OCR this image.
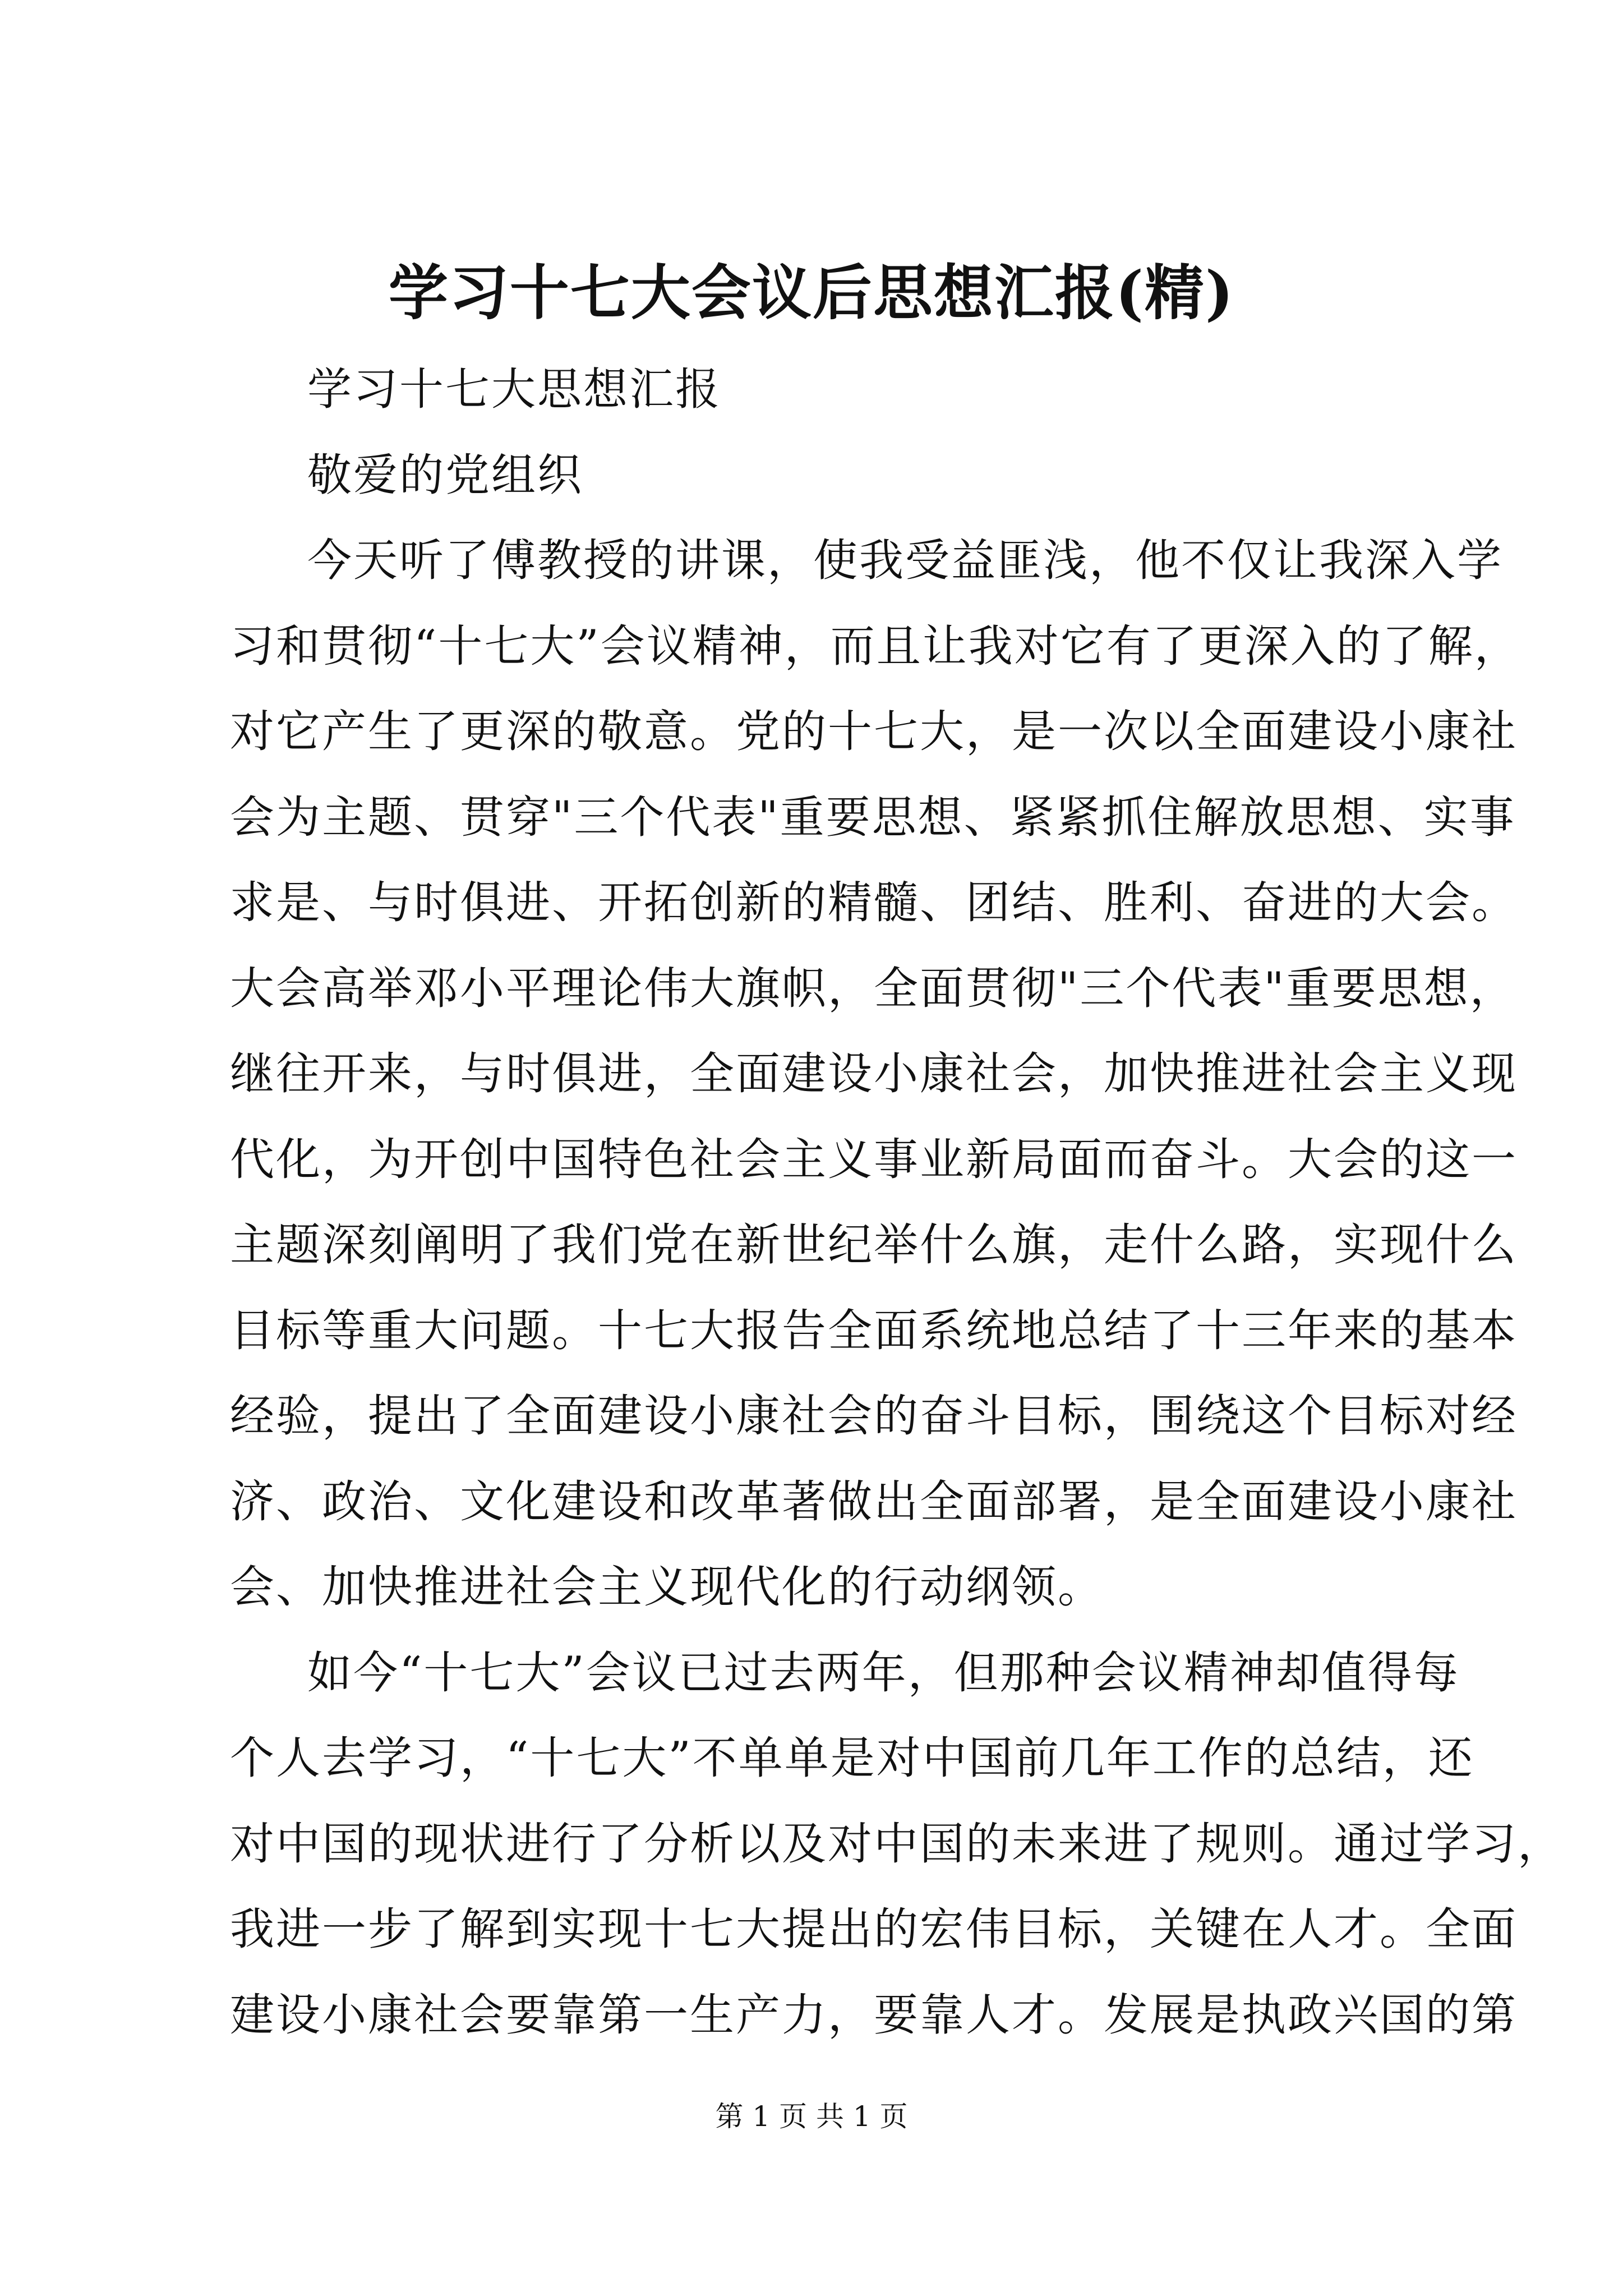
学习十七大会议后思想汇报(精)
学习十七大思想汇报
敬爱的党组织
今天听了傅教授的讲课，使我受益匪浅，他不仅让我深入学
习和贯彻“十七大”会议精神，而且让我对它有了更深入的了解，
对它产生了更深的敬意。党的十七大，是一次以全面建设小康社
会为主题、贯穿"三个代表"重要思想、紧紧抓住解放思想、实事
求是、与时俱进、开拓创新的精髓、团结、胜利、奋进的大会。
大会高举邓小平理论伟大旗帜，全面贯彻"三个代表"重要思想，
继往开来，与时俱进，全面建设小康社会，加快推进社会主义现
代化，为开创中国特色社会主义事业新局面而奋斗。大会的这一
主题深刻阐明了我们党在新世纪举什么旗，走什么路，实现什么
目标等重大问题。十七大报告全面系统地总结了十三年来的基本
经验，提出了全面建设小康社会的奋斗目标，围绕这个目标对经
济、政治、文化建设和改革著做出全面部署，是全面建设小康社
会、加快推进社会主义现代化的行动纲领。
如今“十七大”会议已过去两年，但那种会议精神却值得每
个人去学习，“十七大”不单单是对中国前几年工作的总结，还
对中国的现状进行了分析以及对中国的未来进了规则。通过学习，
我进一步了解到实现十七大提出的宏伟目标，关键在人才。全面
建设小康社会要靠第一生产力，要靠人才。发展是执政兴国的第
第 1 页 共 1 页
